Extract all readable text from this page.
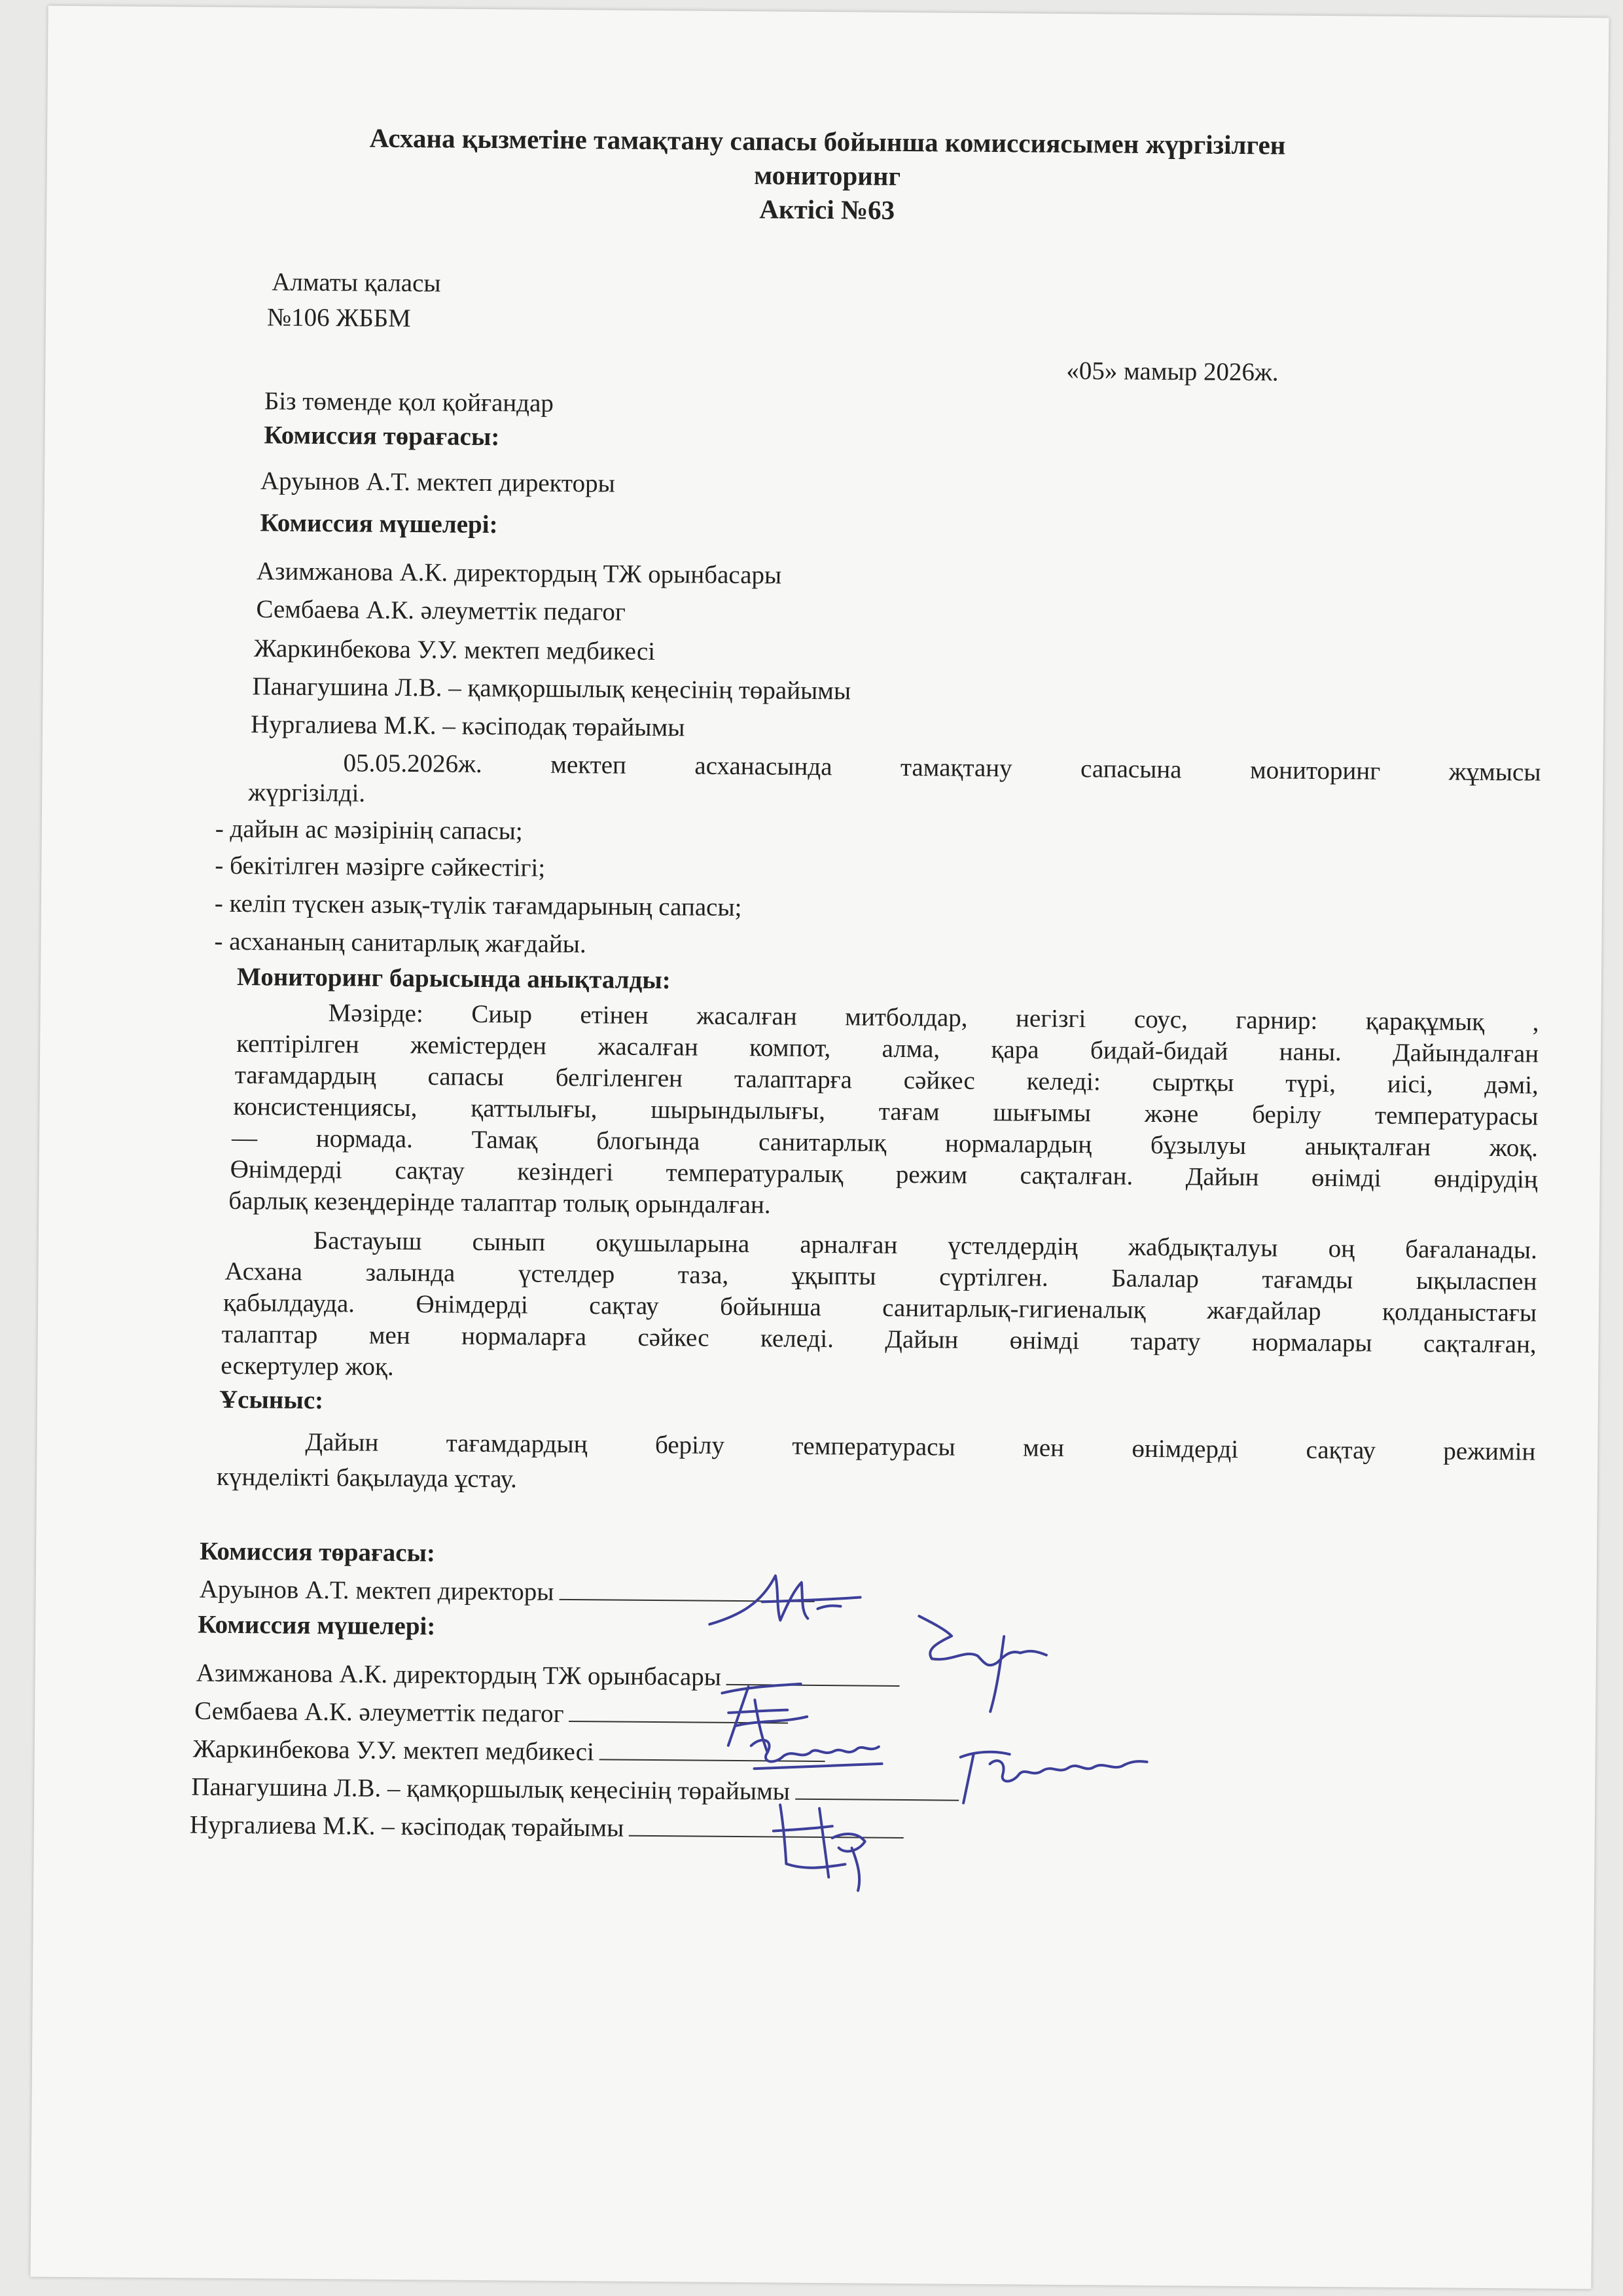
Асхана қызметіне тамақтану сапасы бойынша комиссиясымен жүргізілген
мониторинг
Актісі №63
Алматы қаласы
№106 ЖББМ
«05» мамыр 2026ж.
Біз төменде қол қойғандар
Комиссия төрағасы:
Аруынов А.Т. мектеп директоры
Комиссия мүшелері:
Азимжанова А.К. директордың ТЖ орынбасары
Сембаева А.К. әлеуметтік педагог
Жаркинбекова У.У. мектеп медбикесі
Панагушина Л.В. – қамқоршылық кеңесінің төрайымы
Нургалиева М.К. – кәсіподақ төрайымы
05.05.2026ж. мектеп асханасында тамақтану сапасына мониторинг жұмысы
жүргізілді.
- дайын ас мәзірінің сапасы;
- бекітілген мәзірге сәйкестігі;
- келіп түскен азық-түлік тағамдарының сапасы;
- асхананың санитарлық жағдайы.
Мониторинг барысында анықталды:
Мәзірде: Сиыр етінен жасалған митболдар, негізгі соус, гарнир: қарақұмық ,
кептірілген жемістерден жасалған компот, алма, қара бидай-бидай наны. Дайындалған
тағамдардың сапасы белгіленген талаптарға сәйкес келеді: сыртқы түрі, иісі, дәмі,
консистенциясы, қаттылығы, шырындылығы, тағам шығымы және берілу температурасы
— нормада. Тамақ блогында санитарлық нормалардың бұзылуы анықталған жоқ.
Өнімдерді сақтау кезіндегі температуралық режим сақталған. Дайын өнімді өндірудің
барлық кезеңдерінде талаптар толық орындалған.
Бастауыш сынып оқушыларына арналған үстелдердің жабдықталуы оң бағаланады.
Асхана залында үстелдер таза, ұқыпты сүртілген. Балалар тағамды ықыласпен
қабылдауда. Өнімдерді сақтау бойынша санитарлық-гигиеналық жағдайлар қолданыстағы
талаптар мен нормаларға сәйкес келеді. Дайын өнімді тарату нормалары сақталған,
ескертулер жоқ.
Ұсыныс:
Дайын тағамдардың берілу температурасы мен өнімдерді сақтау режимін
күнделікті бақылауда ұстау.
Комиссия төрағасы:
Аруынов А.Т. мектеп директоры
Комиссия мүшелері:
Азимжанова А.К. директордың ТЖ орынбасары
Сембаева А.К. әлеуметтік педагог
Жаркинбекова У.У. мектеп медбикесі
Панагушина Л.В. – қамқоршылық кеңесінің төрайымы
Нургалиева М.К. – кәсіподақ төрайымы
